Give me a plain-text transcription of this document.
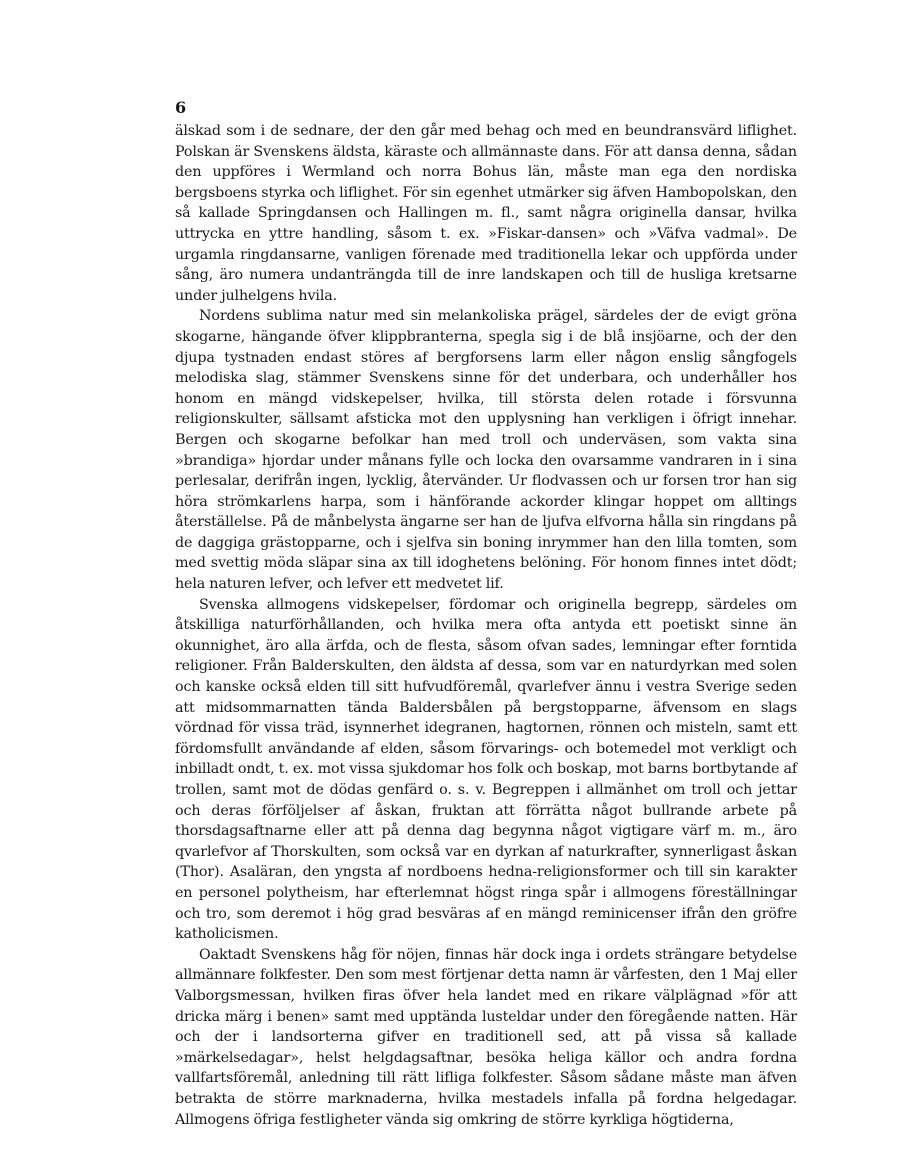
6

älskad som i de sednare, der den går med behag och med en beundransvärd liflighet. Polskan är Svenskens äldsta, käraste och allmännaste dans. För att dansa denna, sådan den uppföres i Wermland och norra Bohus län, måste man ega den nordiska bergsboens styrka och liflighet. För sin egenhet utmärker sig äfven Hambopolskan, den så kallade Springdansen och Hallingen m. fl., samt några originella dansar, hvilka uttrycka en yttre handling, såsom t. ex. »Fiskar-dansen» och »Väfva vadmal». De urgamla ringdansarne, vanligen förenade med traditionella lekar och uppförda under sång, äro numera undanträngda till de inre landskapen och till de husliga kretsarne under julhelgens hvila.

Nordens sublima natur med sin melankoliska prägel, särdeles der de evigt gröna skogarne, hängande öfver klippbranterna, spegla sig i de blå insjöarne, och der den djupa tystnaden endast störes af bergforsens larm eller någon enslig sångfogels melodiska slag, stämmer Svenskens sinne för det underbara, och underhåller hos honom en mängd vidskepelser, hvilka, till största delen rotade i försvunna religionskulter, sällsamt afsticka mot den upplysning han verkligen i öfrigt innehar. Bergen och skogarne befolkar han med troll och underväsen, som vakta sina »brandiga» hjordar under månans fylle och locka den ovarsamme vandraren in i sina perlesalar, derifrån ingen, lycklig, återvänder. Ur flodvassen och ur forsen tror han sig höra strömkarlens harpa, som i hänförande ackorder klingar hoppet om alltings återställelse. På de månbelysta ängarne ser han de ljufva elfvorna hålla sin ringdans på de daggiga grästopparne, och i sjelfva sin boning inrymmer han den lilla tomten, som med svettig möda släpar sina ax till idoghetens belöning. För honom finnes intet dödt; hela naturen lefver, och lefver ett medvetet lif.

Svenska allmogens vidskepelser, fördomar och originella begrepp, särdeles om åtskilliga naturförhållanden, och hvilka mera ofta antyda ett poetiskt sinne än okunnighet, äro alla ärfda, och de flesta, såsom ofvan sades, lemningar efter forntida religioner. Från Balderskulten, den äldsta af dessa, som var en naturdyrkan med solen och kanske också elden till sitt hufvudföremål, qvarlefver ännu i vestra Sverige seden att midsommarnatten tända Baldersbålen på bergstopparne, äfvensom en slags vördnad för vissa träd, isynnerhet idegranen, hagtornen, rönnen och misteln, samt ett fördomsfullt användande af elden, såsom förvarings- och botemedel mot verkligt och inbilladt ondt, t. ex. mot vissa sjukdomar hos folk och boskap, mot barns bortbytande af trollen, samt mot de dödas genfärd o. s. v. Begreppen i allmänhet om troll och jettar och deras förföljelser af åskan, fruktan att förrätta något bullrande arbete på thorsdagsaftnarne eller att på denna dag begynna något vigtigare värf m. m., äro qvarlefvor af Thorskulten, som också var en dyrkan af naturkrafter, synnerligast åskan (Thor). Asaläran, den yngsta af nordboens hedna-religionsformer och till sin karakter en personel polytheism, har efterlemnat högst ringa spår i allmogens föreställningar och tro, som deremot i hög grad besväras af en mängd reminicenser ifrån den gröfre katholicismen.

Oaktadt Svenskens håg för nöjen, finnas här dock inga i ordets strängare betydelse allmännare folkfester. Den som mest förtjenar detta namn är vårfesten, den 1 Maj eller Valborgsmessan, hvilken firas öfver hela landet med en rikare välplägnad »för att dricka märg i benen» samt med upptända lusteldar under den föregående natten. Här och der i landsorterna gifver en traditionell sed, att på vissa så kallade »märkelsedagar», helst helgdagsaftnar, besöka heliga källor och andra fordna vallfartsföremål, anledning till rätt lifliga folkfester. Såsom sådane måste man äfven betrakta de större marknaderna, hvilka mestadels infalla på fordna helgedagar. Allmogens öfriga festligheter vända sig omkring de större kyrkliga högtiderna,
